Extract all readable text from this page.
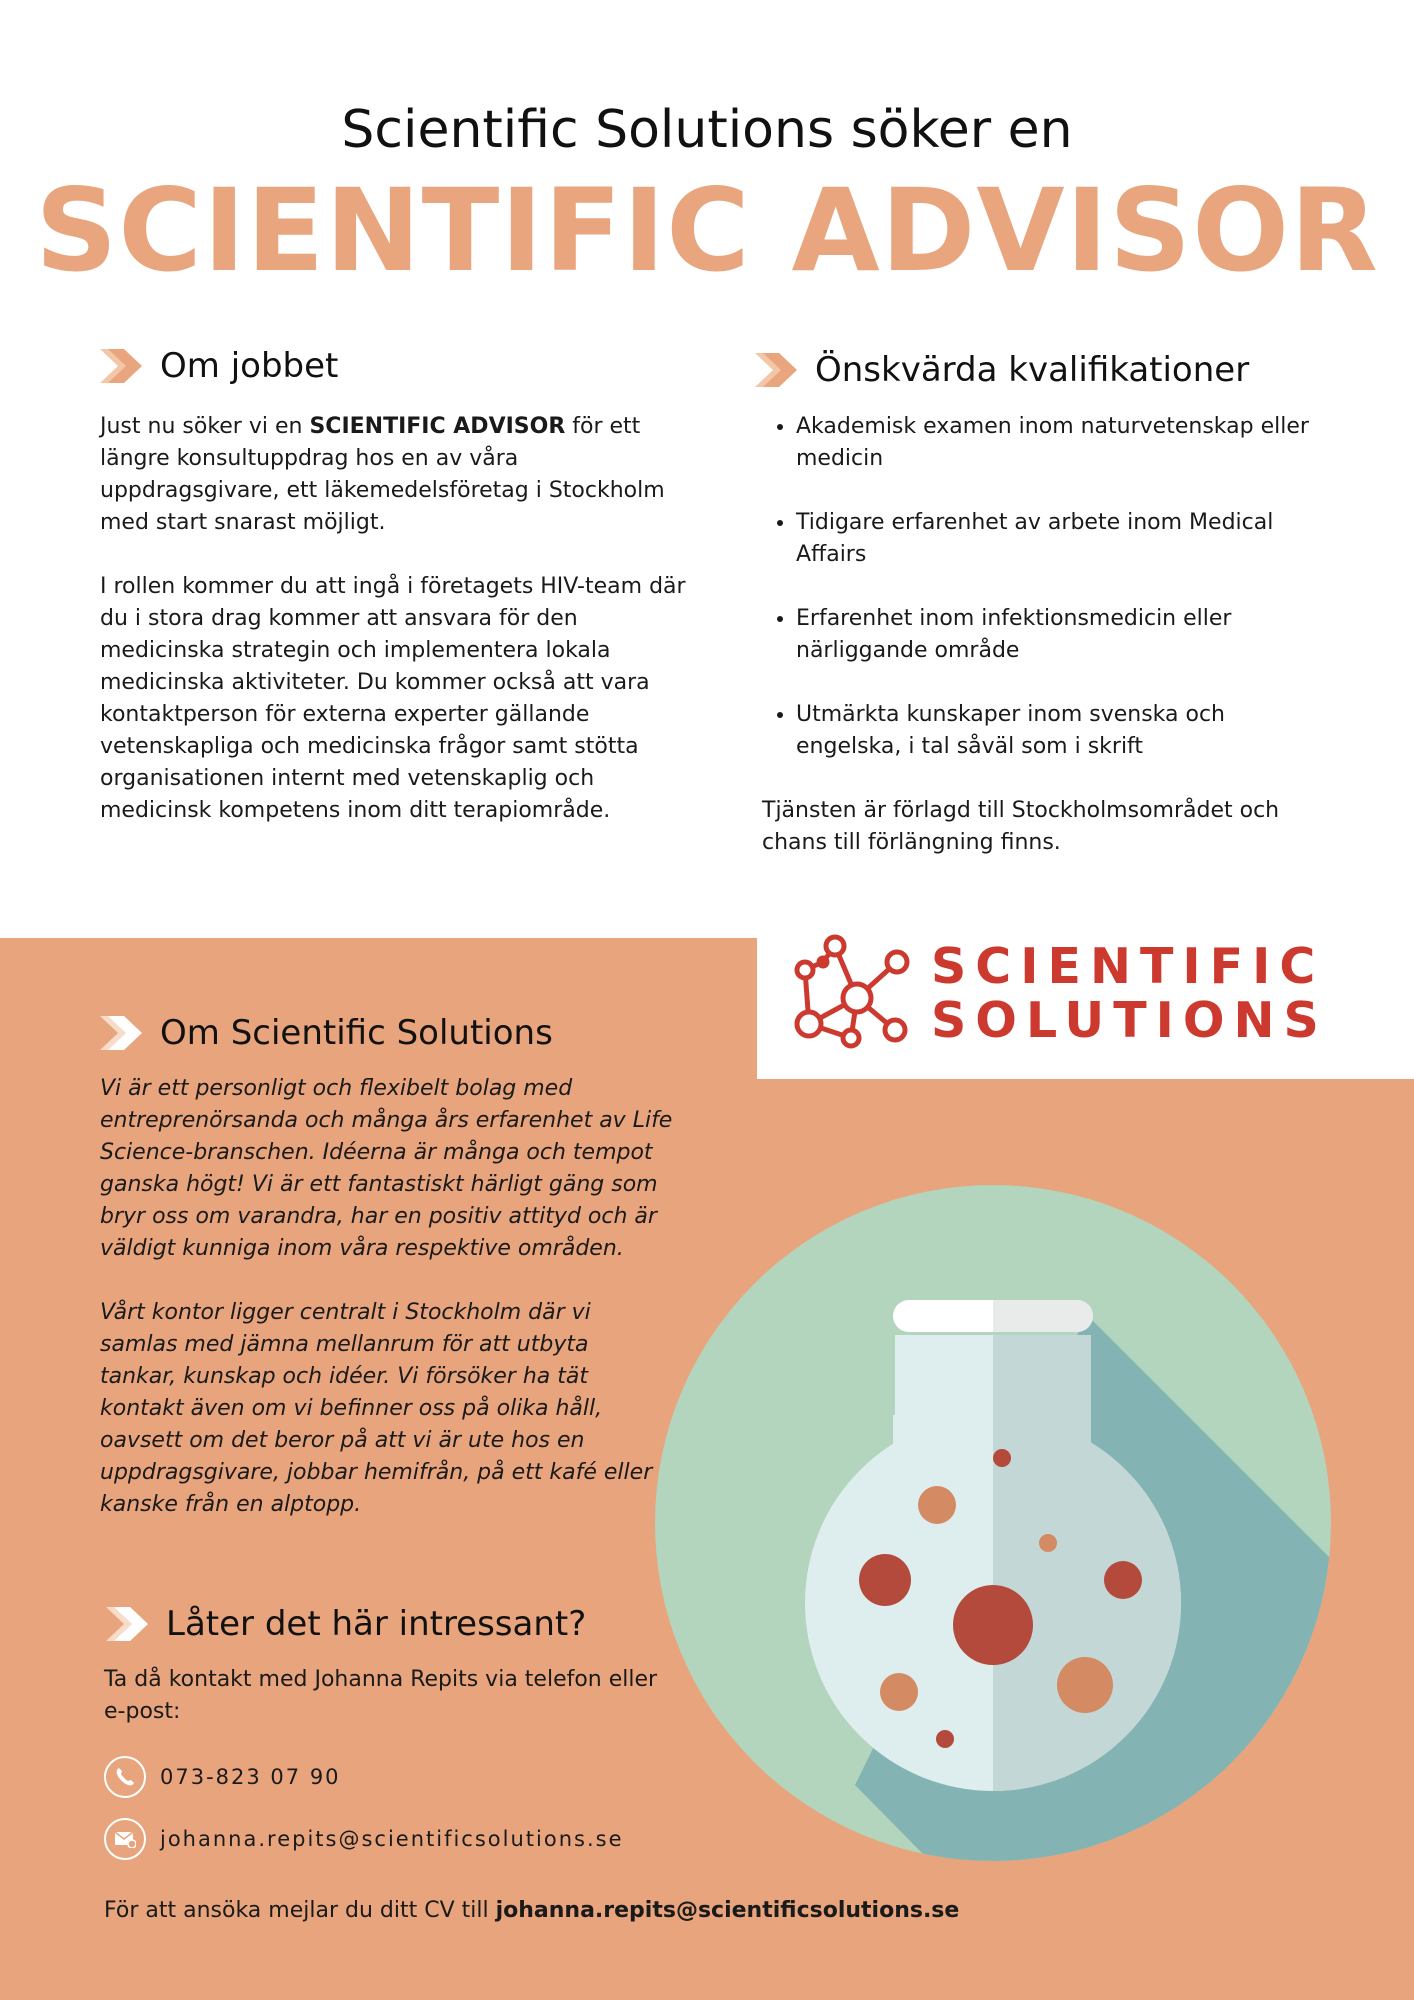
Scientific Solutions söker en
SCIENTIFIC ADVISOR
Om jobbet

Just nu söker vi en SCIENTIFIC ADVISOR för ett längre konsultuppdrag hos en av våra uppdragsgivare, ett läkemedelsföretag i Stockholm med start snarast möjligt.

I rollen kommer du att ingå i företagets HIV-team där du i stora drag kommer att ansvara för den medicinska strategin och implementera lokala medicinska aktiviteter. Du kommer också att vara kontaktperson för externa experter gällande vetenskapliga och medicinska frågor samt stötta organisationen internt med vetenskaplig och medicinsk kompetens inom ditt terapiområde.

Önskvärda kvalifikationer
• Akademisk examen inom naturvetenskap eller medicin
• Tidigare erfarenhet av arbete inom Medical Affairs
• Erfarenhet inom infektionsmedicin eller närliggande område
• Utmärkta kunskaper inom svenska och engelska, i tal såväl som i skrift

Tjänsten är förlagd till Stockholmsområdet och chans till förlängning finns.

SCIENTIFIC
SOLUTIONS
Om Scientific Solutions

Vi är ett personligt och flexibelt bolag med entreprenörsanda och många års erfarenhet av Life Science-branschen. Idéerna är många och tempot ganska högt! Vi är ett fantastiskt härligt gäng som bryr oss om varandra, har en positiv attityd och är väldigt kunniga inom våra respektive områden.

Vårt kontor ligger centralt i Stockholm där vi samlas med jämna mellanrum för att utbyta tankar, kunskap och idéer. Vi försöker ha tät kontakt även om vi befinner oss på olika håll, oavsett om det beror på att vi är ute hos en uppdragsgivare, jobbar hemifrån, på ett kafé eller kanske från en alptopp.

Låter det här intressant?
Ta då kontakt med Johanna Repits via telefon eller e-post:
073-823 07 90
johanna.repits@scientificsolutions.se
För att ansöka mejlar du ditt CV till johanna.repits@scientificsolutions.se
